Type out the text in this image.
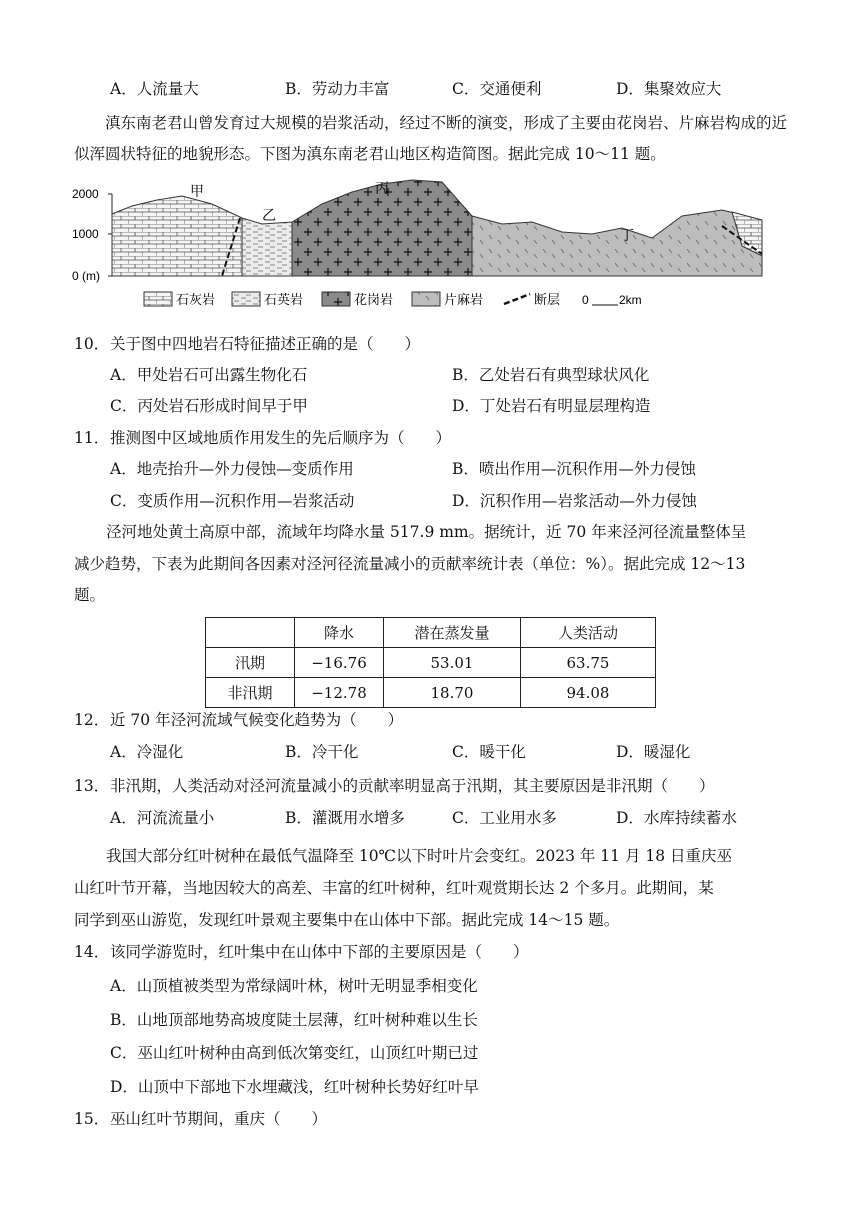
A．人流量大	B．劳动力丰富	C．交通便利	D．集聚效应大
滇东南老君山曾发育过大规模的岩浆活动，经过不断的演变，形成了主要由花岗岩、片麻岩构成的近似浑圆状特征的地貌形态。下图为滇东南老君山地区构造简图。据此完成 10～11 题。
2000
1000
0 (m)
甲
乙
丙
丁
石灰岩	石英岩	花岗岩	片麻岩	断层 0	2km
10．关于图中四地岩石特征描述正确的是（　　）
A．甲处岩石可出露生物化石	B．乙处岩石有典型球状风化
C．丙处岩石形成时间早于甲	D．丁处岩石有明显层理构造
11．推测图中区域地质作用发生的先后顺序为（　　）
A．地壳抬升—外力侵蚀—变质作用	B．喷出作用—沉积作用—外力侵蚀
C．变质作用—沉积作用—岩浆活动	D．沉积作用—岩浆活动—外力侵蚀
泾河地处黄土高原中部，流域年均降水量 517.9 mm。据统计，近 70 年来泾河径流量整体呈
减少趋势，下表为此期间各因素对泾河径流量减小的贡献率统计表（单位：%）。据此完成 12～13
题。
	降水	潜在蒸发量	人类活动
汛期	−16.76	53.01	63.75
非汛期	−12.78	18.70	94.08
12．近 70 年泾河流域气候变化趋势为（　　）
A．冷湿化	B．冷干化	C．暖干化	D．暖湿化
13．非汛期，人类活动对泾河流量减小的贡献率明显高于汛期，其主要原因是非汛期（　　）
A．河流流量小	B．灌溉用水增多	C．工业用水多	D．水库持续蓄水
我国大部分红叶树种在最低气温降至 10℃以下时叶片会变红。2023 年 11 月 18 日重庆巫
山红叶节开幕，当地因较大的高差、丰富的红叶树种，红叶观赏期长达 2 个多月。此期间，某
同学到巫山游览，发现红叶景观主要集中在山体中下部。据此完成 14～15 题。
14．该同学游览时，红叶集中在山体中下部的主要原因是（　　）
A．山顶植被类型为常绿阔叶林，树叶无明显季相变化
B．山地顶部地势高坡度陡土层薄，红叶树种难以生长
C．巫山红叶树种由高到低次第变红，山顶红叶期已过
D．山顶中下部地下水埋藏浅，红叶树种长势好红叶早
15．巫山红叶节期间，重庆（　　）
